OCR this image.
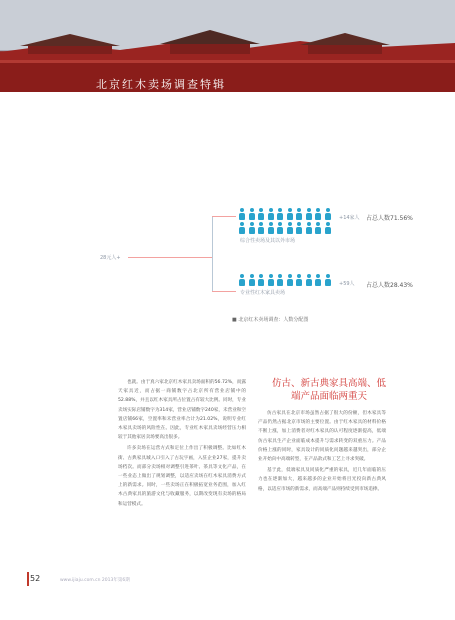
北京红木卖场调查特辑
28元人+
综合性卖场及其以外市场
+14家人 占总人数71.56%
专业性红木家具卖场
+59人 占总人数28.43%
■ 北京红木卖场调查：人数分配图

也就。由于真六家北京红木家具卖场面积的56.72%，而露天家具近，而占据一商铺数字占北京所有营业店铺中的52.88%，并且以红木家具所占位置占有较大比例。同时，专业卖场实际店铺数字为314家，营业店铺数字240家，未营业和空置店铺66家，空置率和未营业率合计为21.02%，说明专业红木家具卖场的风险性在。因此，专业红木家具卖场经营压力相较于其他家居卖场要高出很多。

许多卖场在运营方式和定位上作出了积极调整。比如红木街、古典家具城入口引入了古玩字画，入驻企业27家，提升卖场档次。而部分卖场相对调整引进茶叶、茶具等文化产品，在一些业态上做出了规划调整，以适应卖场在红木家具消费方式上的新需求。同时，一些卖场正在积极拓宽业务范围，加入红木古典家具的旅游文化与收藏服务，以期改变现有卖场的格局和运营模式。

仿古、新古典家具高端、低端产品面临两重天

仿古家具在北京市场虽然占据了很大的份额，但木家具等产品仍然占据北京市场的主要位置。由于红木家具的材料价格不断上涨，加上消费者对红木家具的认可程度逐渐提高，低端仿古家具生产企业面临成本提升与需求转变的双重压力。产品价格上涨的同时，家具设计的同质化问题越来越突出，部分企业开始向中高端转型，在产品款式和工艺上寻求突破。

基于此，低端家具及同质化严重的家具，近几年面临的压力也在逐渐加大，越来越多的企业开始将目光投向新古典风格，以适应市场的新需求，而高端产品则持续受到市场追捧。

52	www.ijiaju.com.cn 2013年第6期
